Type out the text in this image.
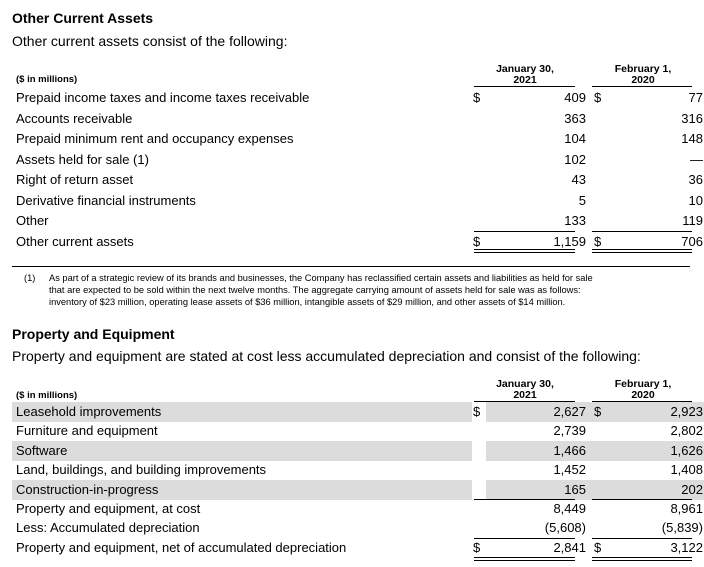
Other Current Assets
Other current assets consist of the following:
January 30,
2021
February 1,
2020
($ in millions)
Prepaid income taxes and income taxes receivable	$	409 $	77
Accounts receivable	363	316
Prepaid minimum rent and occupancy expenses	104	148
Assets held for sale (1)	102	—
Right of return asset	43	36
Derivative financial instruments	5	10
Other	133	119
Other current assets	$	1,159 $	706
(1) As part of a strategic review of its brands and businesses, the Company has reclassified certain assets and liabilities as held for sale
that are expected to be sold within the next twelve months. The aggregate carrying amount of assets held for sale was as follows:
inventory of $23 million, operating lease assets of $36 million, intangible assets of $29 million, and other assets of $14 million.
Property and Equipment
Property and equipment are stated at cost less accumulated depreciation and consist of the following:
January 30,
2021
February 1,
2020
($ in millions)
Leasehold improvements	$	2,627 $	2,923
Furniture and equipment	2,739	2,802
Software	1,466	1,626
Land, buildings, and building improvements	1,452	1,408
Construction-in-progress	165	202
Property and equipment, at cost	8,449	8,961
Less: Accumulated depreciation	(5,608)	(5,839)
Property and equipment, net of accumulated depreciation	$	2,841 $	3,122
